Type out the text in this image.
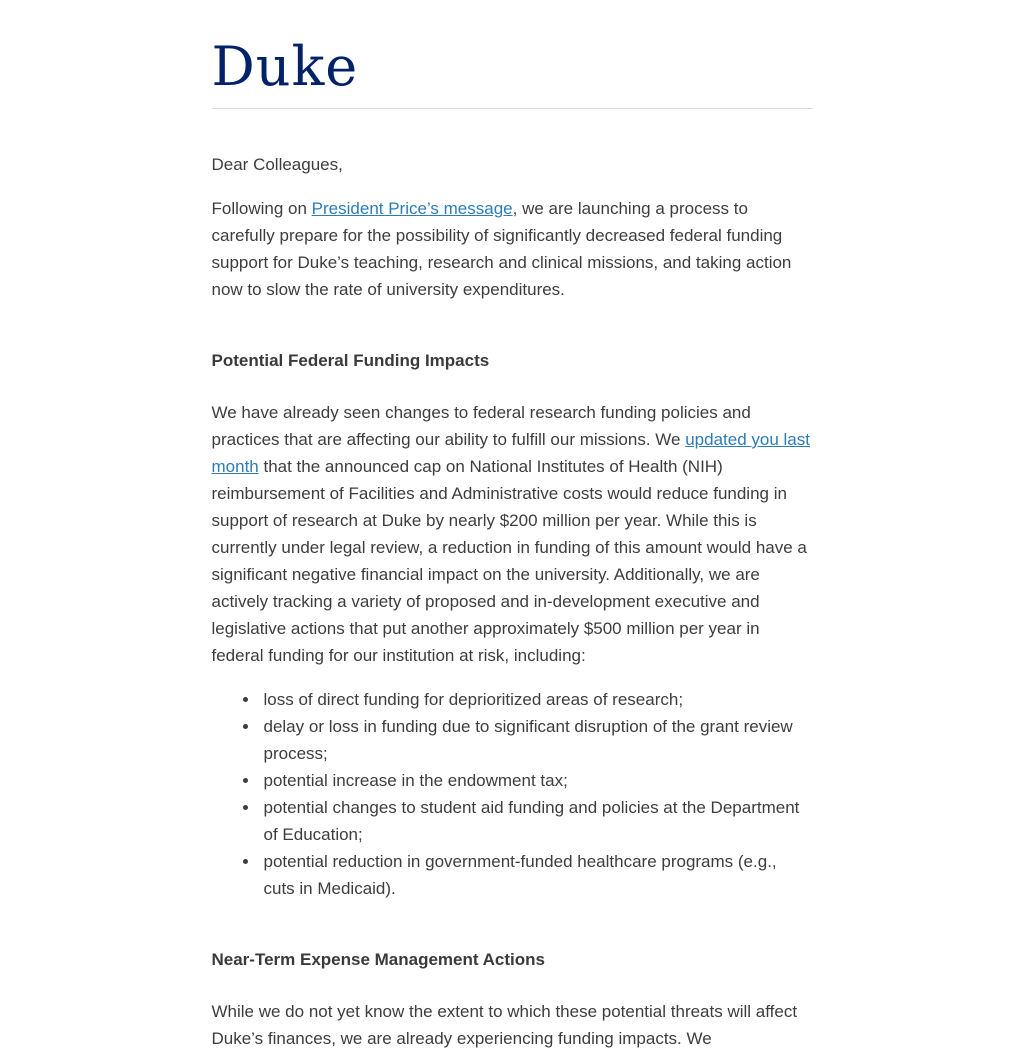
Duke

Dear Colleagues,

Following on President Price’s message, we are launching a process to carefully prepare for the possibility of significantly decreased federal funding support for Duke’s teaching, research and clinical missions, and taking action now to slow the rate of university expenditures.

Potential Federal Funding Impacts

We have already seen changes to federal research funding policies and practices that are affecting our ability to fulfill our missions. We updated you last month that the announced cap on National Institutes of Health (NIH) reimbursement of Facilities and Administrative costs would reduce funding in support of research at Duke by nearly $200 million per year. While this is currently under legal review, a reduction in funding of this amount would have a significant negative financial impact on the university. Additionally, we are actively tracking a variety of proposed and in-development executive and legislative actions that put another approximately $500 million per year in federal funding for our institution at risk, including:

• loss of direct funding for deprioritized areas of research;
• delay or loss in funding due to significant disruption of the grant review process;
• potential increase in the endowment tax;
• potential changes to student aid funding and policies at the Department of Education;
• potential reduction in government-funded healthcare programs (e.g., cuts in Medicaid).
Near-Term Expense Management Actions

While we do not yet know the extent to which these potential threats will affect Duke’s finances, we are already experiencing funding impacts. We
